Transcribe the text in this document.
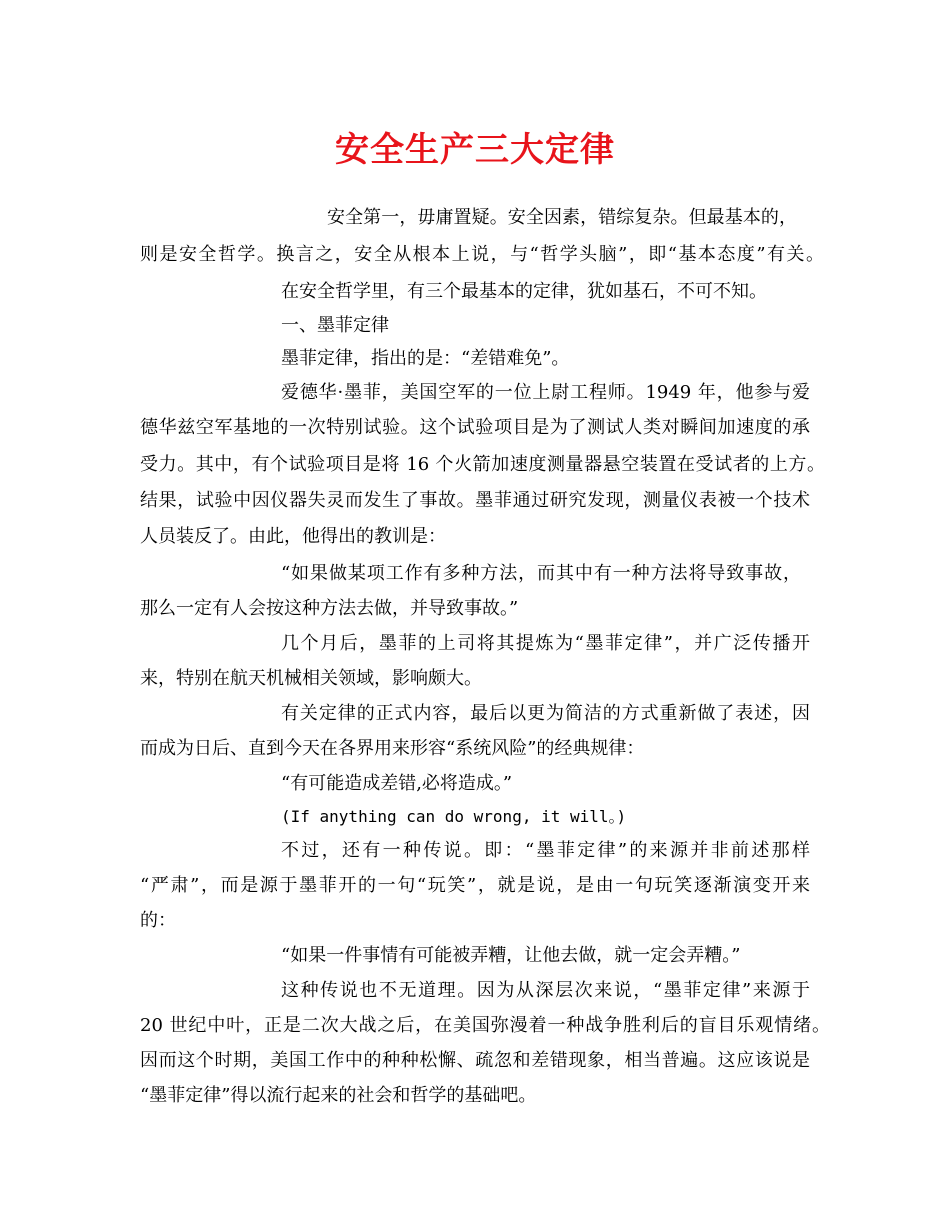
安全生产三大定律
安全第一，毋庸置疑。安全因素，错综复杂。但最基本的，
则是安全哲学。换言之，安全从根本上说，与“哲学头脑”，即“基本态度”有关。
在安全哲学里，有三个最基本的定律，犹如基石，不可不知。
一、墨菲定律
墨菲定律，指出的是：“差错难免”。
爱德华·墨菲，美国空军的一位上尉工程师。1949 年，他参与爱
德华兹空军基地的一次特别试验。这个试验项目是为了测试人类对瞬间加速度的承
受力。其中，有个试验项目是将 16 个火箭加速度测量器悬空装置在受试者的上方。
结果，试验中因仪器失灵而发生了事故。墨菲通过研究发现，测量仪表被一个技术
人员装反了。由此，他得出的教训是：
“如果做某项工作有多种方法，而其中有一种方法将导致事故，
那么一定有人会按这种方法去做，并导致事故。”
几个月后，墨菲的上司将其提炼为“墨菲定律”，并广泛传播开
来，特别在航天机械相关领域，影响颇大。
有关定律的正式内容，最后以更为简洁的方式重新做了表述，因
而成为日后、直到今天在各界用来形容“系统风险”的经典规律：
“有可能造成差错,必将造成。”
(If anything can do wrong, it will。)
不过，还有一种传说。即：“墨菲定律”的来源并非前述那样
“严肃”，而是源于墨菲开的一句“玩笑”，就是说，是由一句玩笑逐渐演变开来
的：
“如果一件事情有可能被弄糟，让他去做，就一定会弄糟。”
这种传说也不无道理。因为从深层次来说，“墨菲定律”来源于
20 世纪中叶，正是二次大战之后，在美国弥漫着一种战争胜利后的盲目乐观情绪。
因而这个时期，美国工作中的种种松懈、疏忽和差错现象，相当普遍。这应该说是
“墨菲定律”得以流行起来的社会和哲学的基础吧。
